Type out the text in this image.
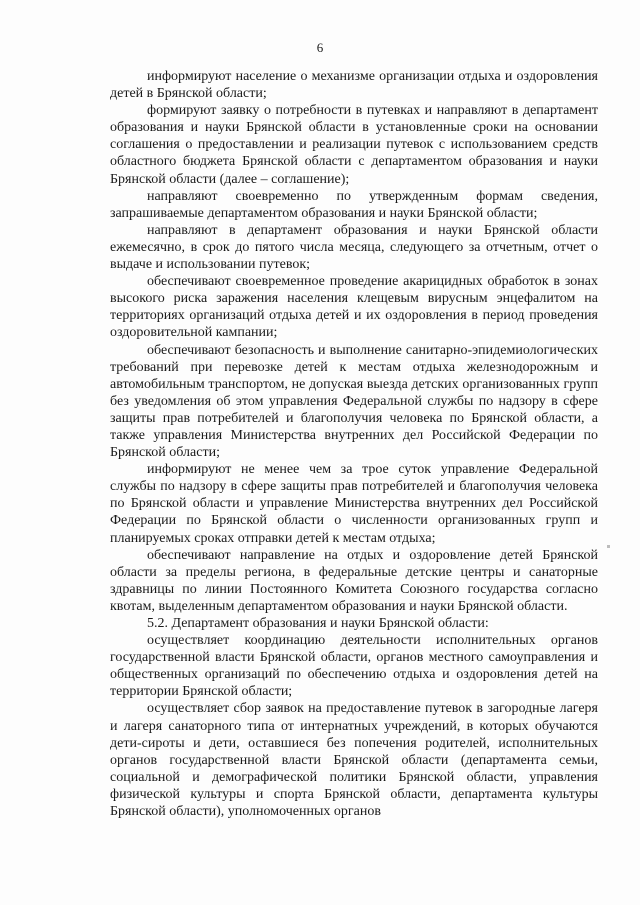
6

информируют население о механизме организации отдыха и оздоровления детей в Брянской области;

формируют заявку о потребности в путевках и направляют в департамент образования и науки Брянской области в установленные сроки на основании соглашения о предоставлении и реализации путевок с использованием средств областного бюджета Брянской области с департаментом образования и науки Брянской области (далее – соглашение);

направляют своевременно по утвержденным формам сведения, запрашиваемые департаментом образования и науки Брянской области;

направляют в департамент образования и науки Брянской области ежемесячно, в срок до пятого числа месяца, следующего за отчетным, отчет о выдаче и использовании путевок;

обеспечивают своевременное проведение акарицидных обработок в зонах высокого риска заражения населения клещевым вирусным энцефалитом на территориях организаций отдыха детей и их оздоровления в период проведения оздоровительной кампании;

обеспечивают безопасность и выполнение санитарно-эпидемиологических требований при перевозке детей к местам отдыха железнодорожным и автомобильным транспортом, не допуская выезда детских организованных групп без уведомления об этом управления Федеральной службы по надзору в сфере защиты прав потребителей и благополучия человека по Брянской области, а также управления Министерства внутренних дел Российской Федерации по Брянской области;

информируют не менее чем за трое суток управление Федеральной службы по надзору в сфере защиты прав потребителей и благополучия человека по Брянской области и управление Министерства внутренних дел Российской Федерации по Брянской области о численности организованных групп и планируемых сроках отправки детей к местам отдыха;

обеспечивают направление на отдых и оздоровление детей Брянской области за пределы региона, в федеральные детские центры и санаторные здравницы по линии Постоянного Комитета Союзного государства согласно квотам, выделенным департаментом образования и науки Брянской области.

5.2. Департамент образования и науки Брянской области:

осуществляет координацию деятельности исполнительных органов государственной власти Брянской области, органов местного самоуправления и общественных организаций по обеспечению отдыха и оздоровления детей на территории Брянской области;

осуществляет сбор заявок на предоставление путевок в загородные лагеря и лагеря санаторного типа от интернатных учреждений, в которых обучаются дети-сироты и дети, оставшиеся без попечения родителей, исполнительных органов государственной власти Брянской области (департамента семьи, социальной и демографической политики Брянской области, управления физической культуры и спорта Брянской области, департамента культуры Брянской области), уполномоченных органов
